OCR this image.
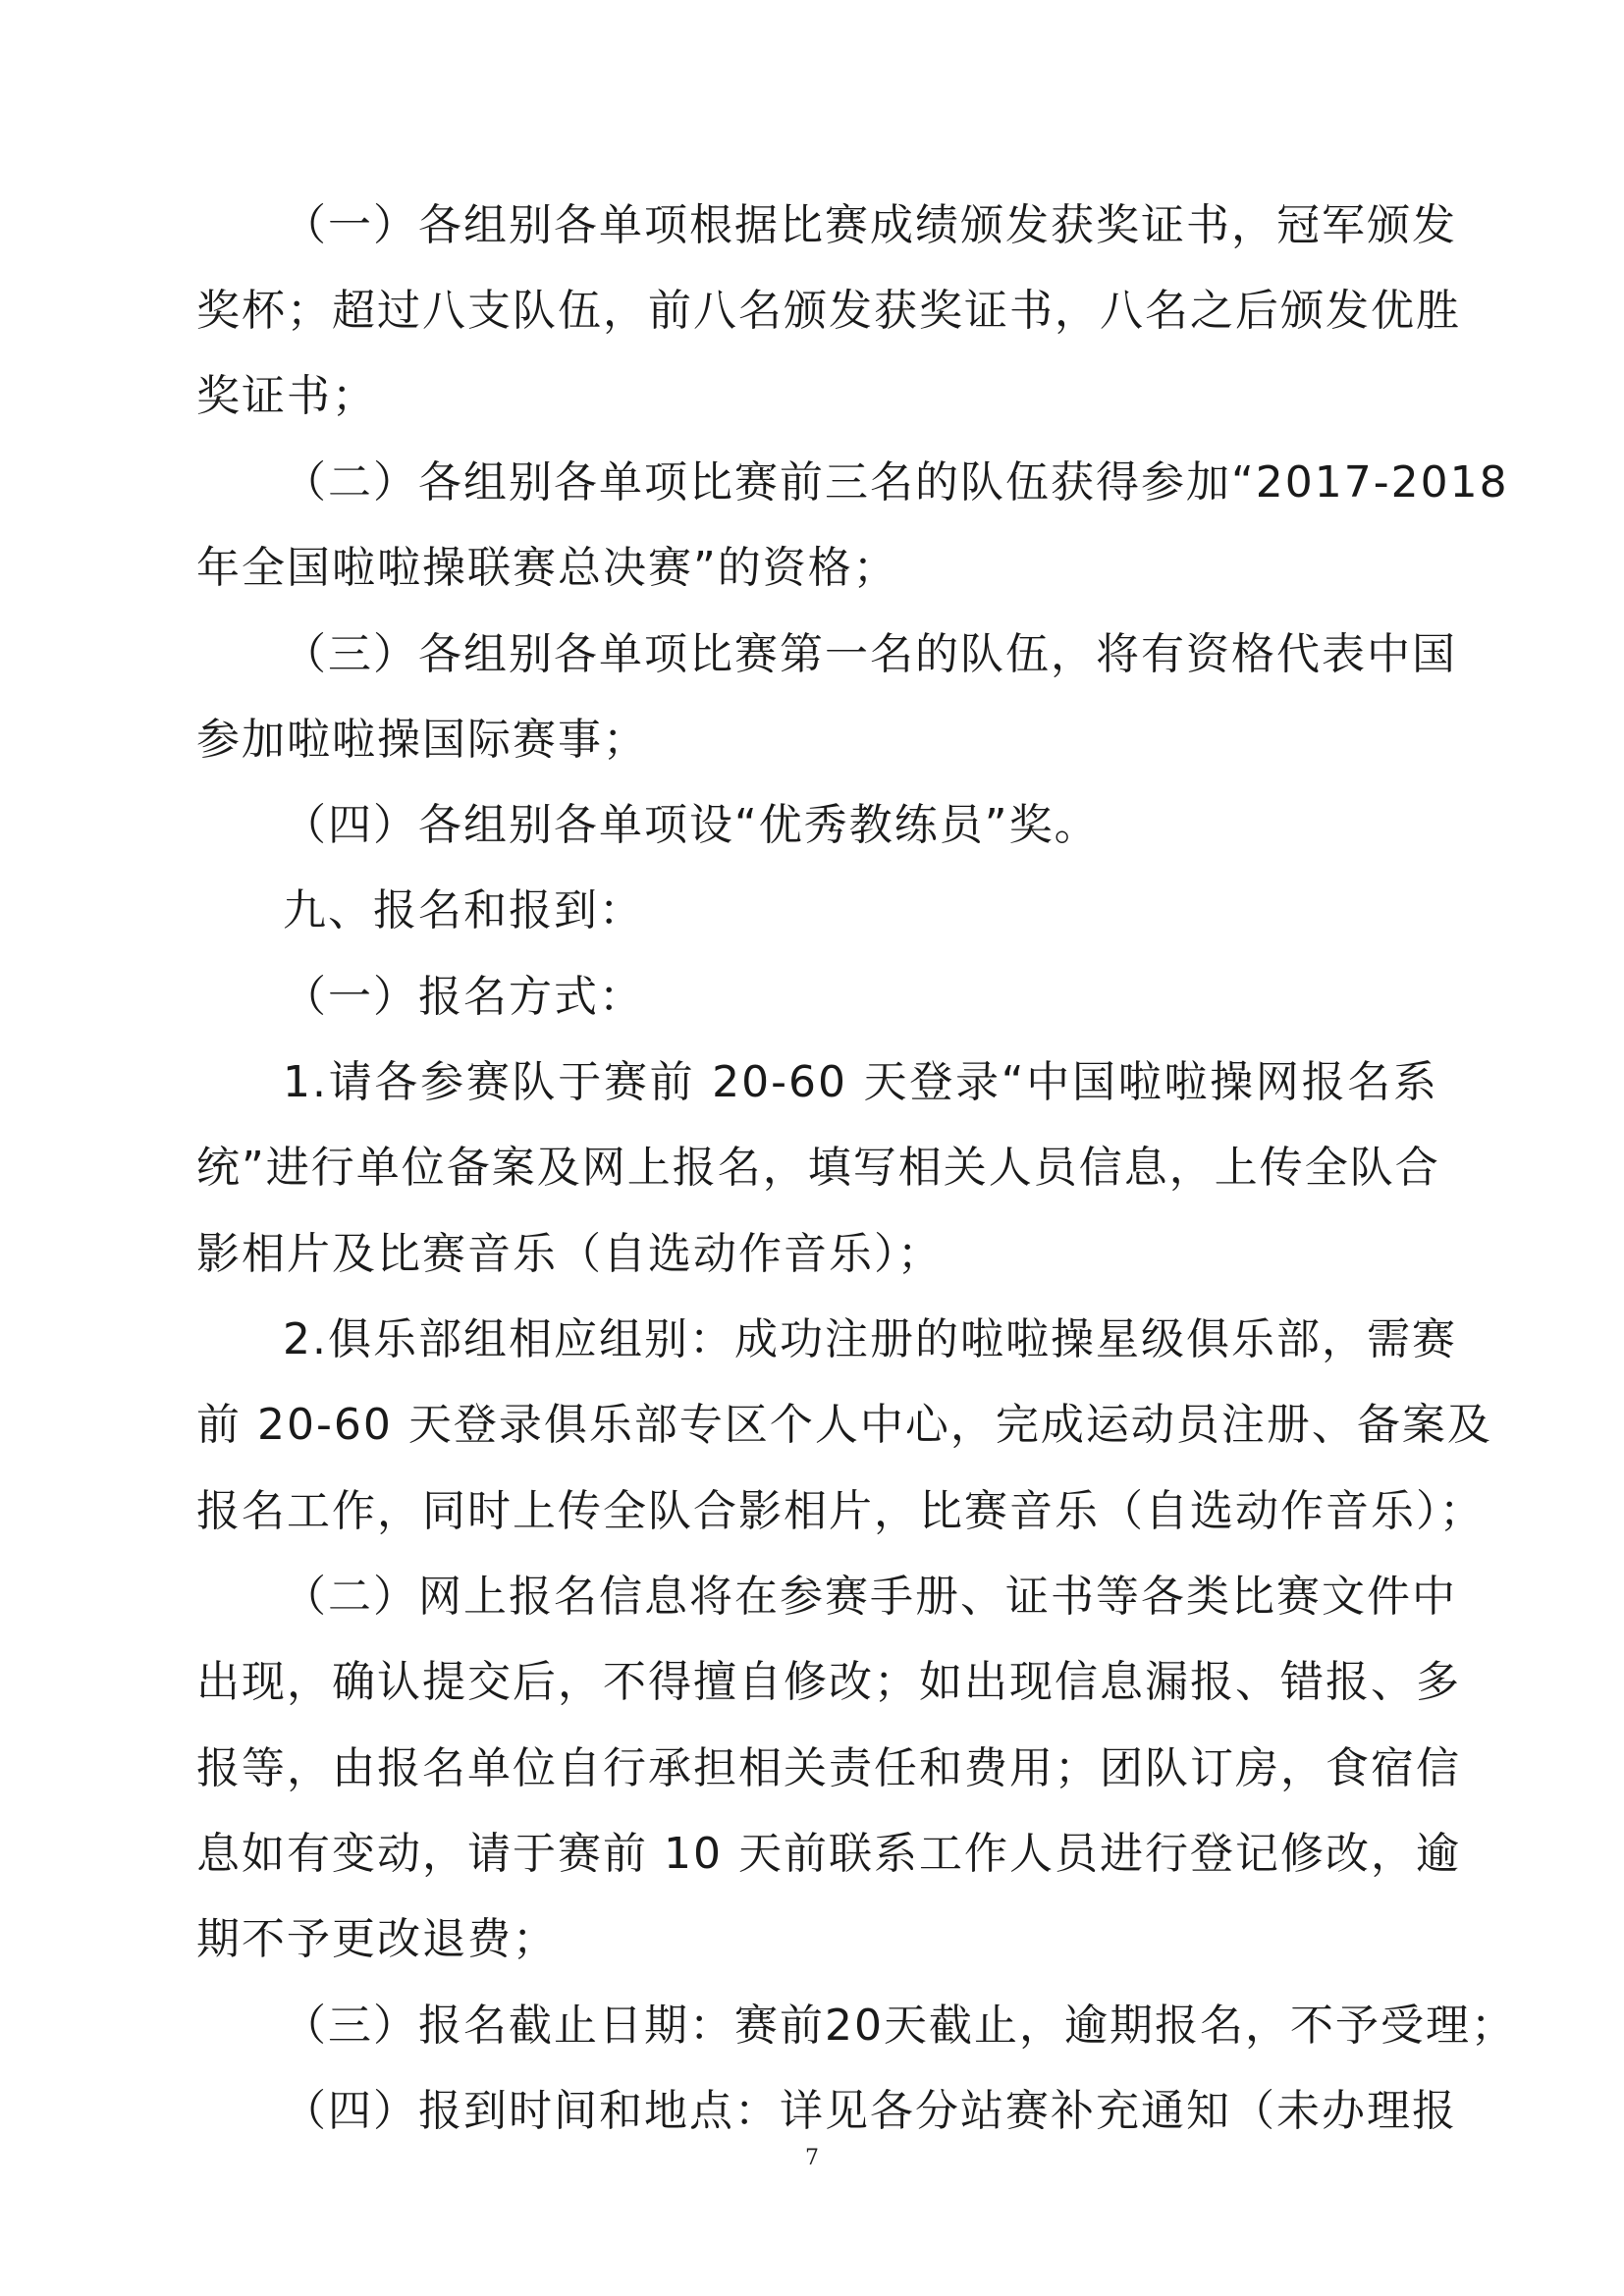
（一）各组别各单项根据比赛成绩颁发获奖证书，冠军颁发
奖杯；超过八支队伍，前八名颁发获奖证书，八名之后颁发优胜
奖证书；
（二）各组别各单项比赛前三名的队伍获得参加“2017-2018
年全国啦啦操联赛总决赛”的资格；
（三）各组别各单项比赛第一名的队伍，将有资格代表中国
参加啦啦操国际赛事；
（四）各组别各单项设“优秀教练员”奖。
九、报名和报到：
（一）报名方式：
1.请各参赛队于赛前 20-60 天登录“中国啦啦操网报名系
统”进行单位备案及网上报名，填写相关人员信息，上传全队合
影相片及比赛音乐（自选动作音乐）；
2.俱乐部组相应组别：成功注册的啦啦操星级俱乐部，需赛
前 20-60 天登录俱乐部专区个人中心，完成运动员注册、备案及
报名工作，同时上传全队合影相片，比赛音乐（自选动作音乐）；
（二）网上报名信息将在参赛手册、证书等各类比赛文件中
出现，确认提交后，不得擅自修改；如出现信息漏报、错报、多
报等，由报名单位自行承担相关责任和费用；团队订房，食宿信
息如有变动，请于赛前 10 天前联系工作人员进行登记修改，逾
期不予更改退费；
（三）报名截止日期：赛前20天截止，逾期报名，不予受理；
（四）报到时间和地点：详见各分站赛补充通知（未办理报
7
